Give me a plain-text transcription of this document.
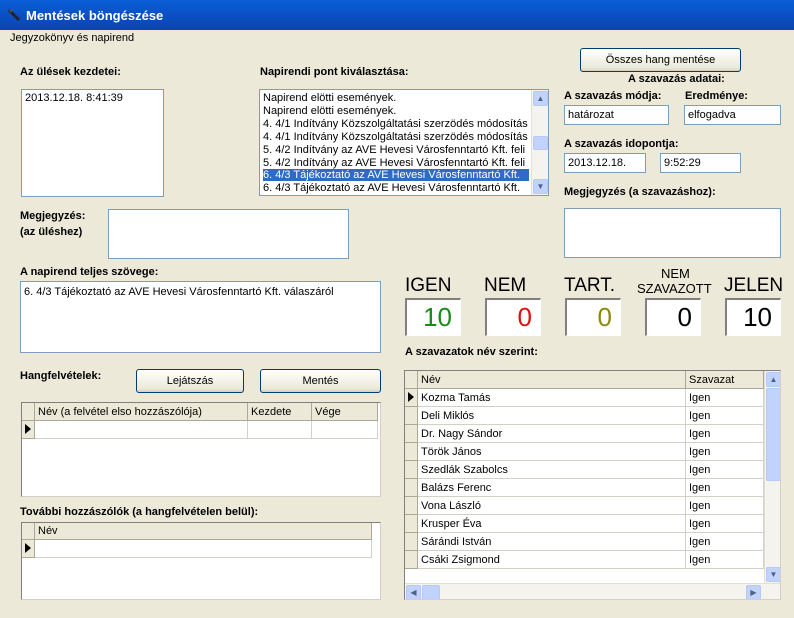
Mentések böngészése
Jegyzokönyv és napirend
Az ülések kezdetei:
2013.12.18. 8:41:39
Napirendi pont kiválasztása:
Napirend elötti események.
Napirend elötti események.
4. 4/1 Indítvány Közszolgáltatási szerzödés módosítás
4. 4/1 Indítvány Közszolgáltatási szerzödés módosítás
5. 4/2 Indítvány az AVE Hevesi Városfenntartó Kft. feli
5. 4/2 Indítvány az AVE Hevesi Városfenntartó Kft. feli
6. 4/3 Tájékoztató az AVE Hevesi Városfenntartó Kft.
6. 4/3 Tájékoztató az AVE Hevesi Városfenntartó Kft.
▲
▼
Összes hang mentése
A szavazás adatai:
A szavazás módja:
határozat
Eredménye:
elfogadva
A szavazás idopontja:
2013.12.18.	9:52:29
Megjegyzés (a szavazáshoz):
Megjegyzés:
(az üléshez)
A napirend teljes szövege:
6. 4/3 Tájékoztató az AVE Hevesi Városfenntartó Kft. válaszáról	IGEN
10
NEM
0
TART.
0
NEM
SZAVAZOTT
0
JELEN
10
Hangfelvételek:	Lejátszás	Mentés
Név (a felvétel elso hozzászólója)	Kezdete	Vége
További hozzászólók (a hangfelvételen belül):
Név
A szavazatok név szerint:
Név	Szavazat
Kozma Tamás	Igen
Deli Miklós	Igen
Dr. Nagy Sándor	Igen
Török János	Igen
Szedlák Szabolcs	Igen
Balázs Ferenc	Igen
Vona László	Igen
Krusper Éva	Igen
Sárándi István	Igen
Csáki Zsigmond	Igen
▲
▼
◀	▶
